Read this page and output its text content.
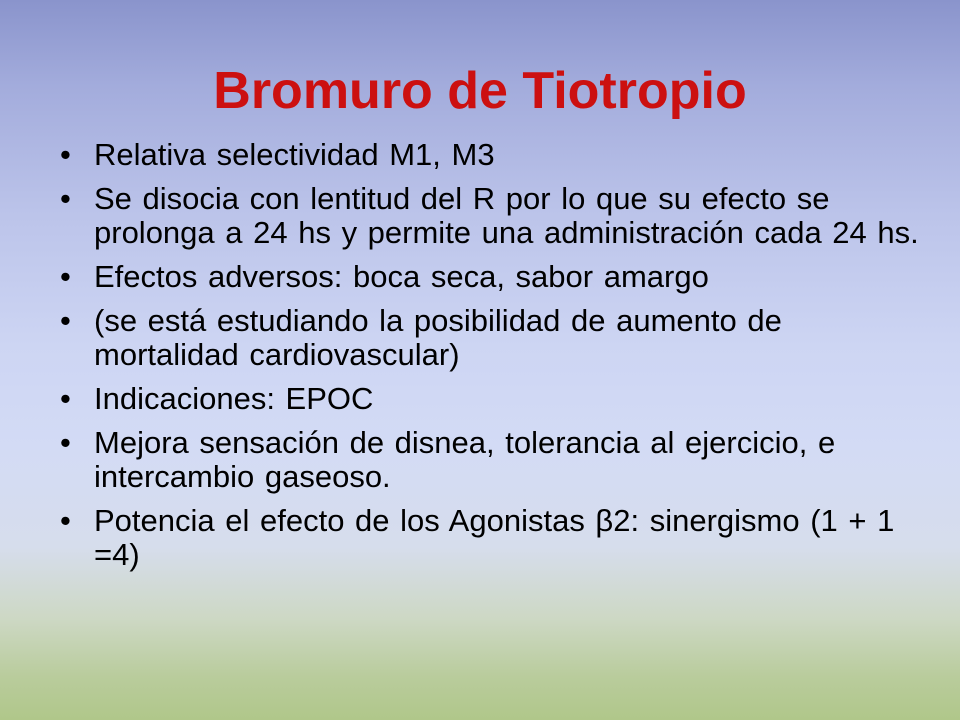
Bromuro de Tiotropio
• Relativa selectividad M1, M3
• Se disocia con lentitud del R por lo que su efecto se prolonga a 24 hs y permite una administración cada 24 hs.
• Efectos adversos: boca seca, sabor amargo
• (se está estudiando la posibilidad de aumento de mortalidad cardiovascular)
• Indicaciones: EPOC
• Mejora sensación de disnea, tolerancia al ejercicio, e intercambio gaseoso.
• Potencia el efecto de los Agonistas β2: sinergismo (1 + 1 =4)
